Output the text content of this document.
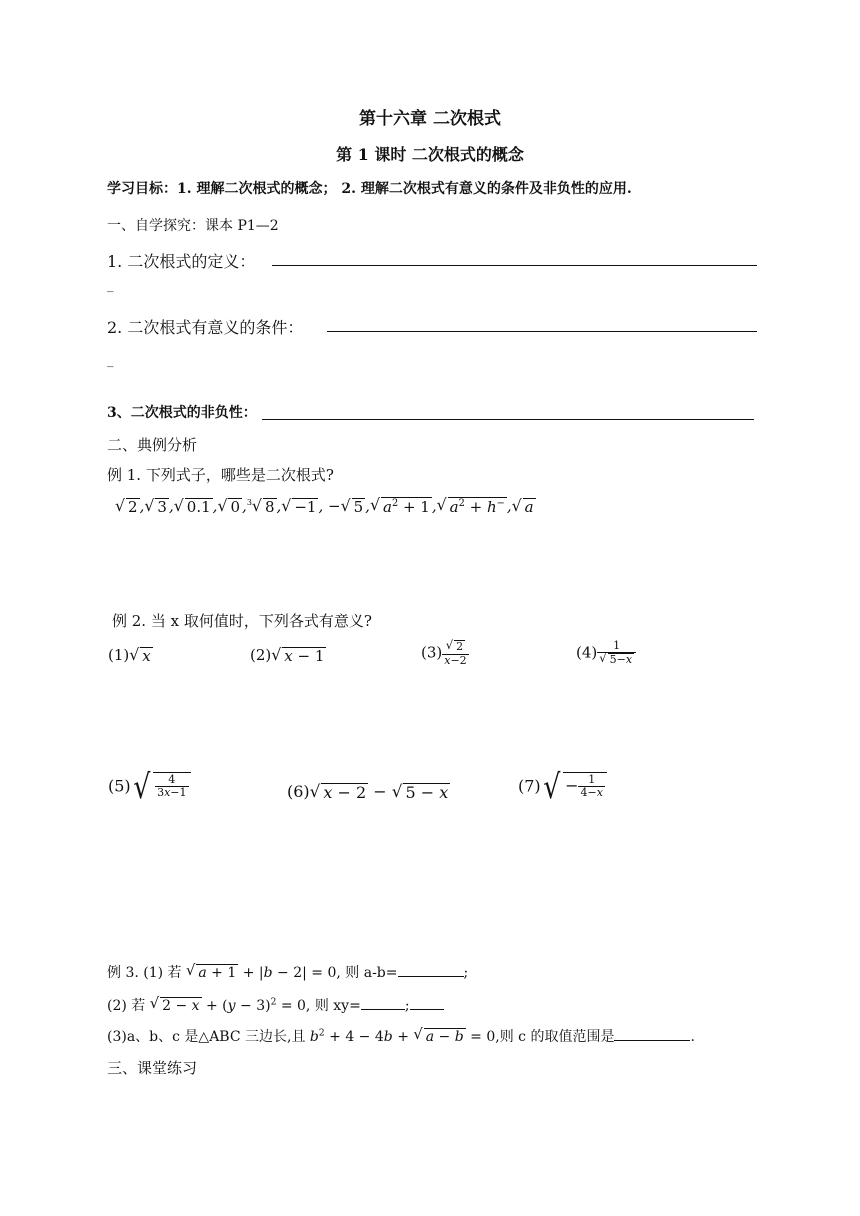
第十六章 二次根式
第 1 课时 二次根式的概念
学习目标：1. 理解二次根式的概念； 2. 理解二次根式有意义的条件及非负性的应用.
一、自学探究：课本 P1—2
1. 二次根式的定义：
_
2. 二次根式有意义的条件：
_
3、二次根式的非负性：
二、典例分析
例 1. 下列式子，哪些是二次根式?
√ 2 , √ 3 , √ 0.1 , √ 0 , $^3$√ 8 , √ −1 , − √ 5 , √ $a^2 + 1$ , √ $a^2 + h^-$ , √ a
例 2. 当 x 取何值时，下列各式有意义?
(1) √ x	(2) √ x − 1	$(3) \frac{√ 2}{x-2}$	$(4) \frac{1}{√ 5-x}$
(5) √ $\frac{4}{3x-1}$	(6) √ x − 2 − √ 5 − x	(7) √ − $\frac{1}{4-x}$
例 3. (1) 若 √ a + 1 + |b − 2| = 0, 则 a-b=	;
(2) 若 √ $2 - x + (y - 3)^2 = 0$, 则 xy=	;
(3)a、b、c 是△ABC 三边长,且 $b^2 + 4 - 4b$ + √ a − b = 0,则 c 的取值范围是	.
三、课堂练习
